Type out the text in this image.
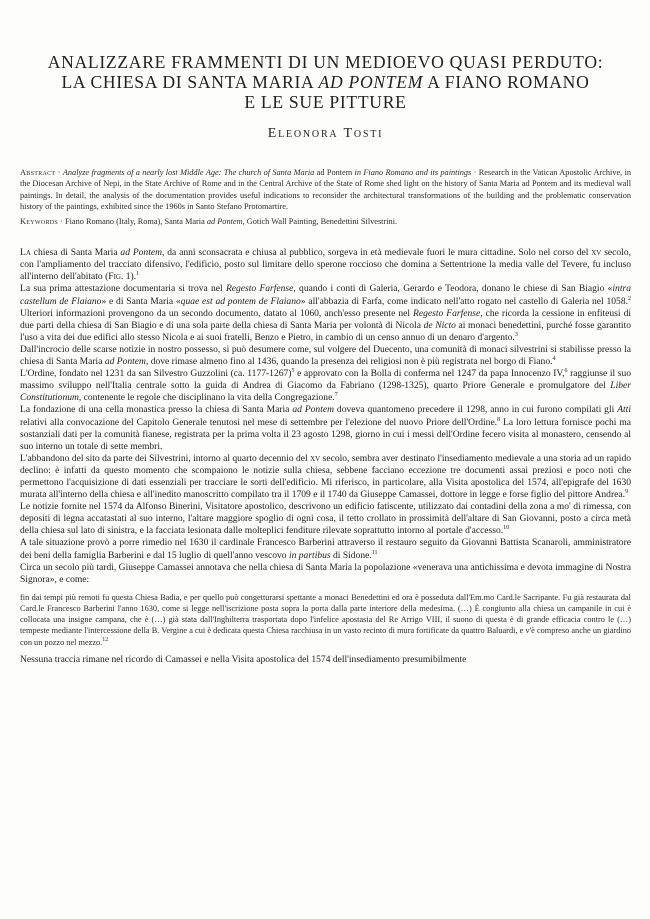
ANALIZZARE FRAMMENTI DI UN MEDIOEVO QUASI PERDUTO:
LA CHIESA DI SANTA MARIA AD PONTEM A FIANO ROMANO
E LE SUE PITTURE
Eleonora Tosti
Abstract · Analyze fragments of a nearly lost Middle Age: The church of Santa Maria ad Pontem in Fiano Romano and its paintings · Research in the Vatican Apostolic Archive, in the Diocesan Archive of Nepi, in the State Archive of Rome and in the Central Archive of the State of Rome shed light on the history of Santa Maria ad Pontem and its medieval wall paintings. In detail, the analysis of the documentation provides useful indications to reconsider the architectural transformations of the building and the problematic conservation history of the paintings, exhibited since the 1960s in Santo Stefano Protomartire.
Keywords · Fiano Romano (Italy, Roma), Santa Maria ad Pontem, Gotich Wall Painting, Benedettini Silvestrini.

La chiesa di Santa Maria ad Pontem, da anni sconsacrata e chiusa al pubblico, sorgeva in età medievale fuori le mura cittadine. Solo nel corso del xv secolo, con l'ampliamento del tracciato difensivo, l'edificio, posto sul limitare dello sperone roccioso che domina a Settentrione la media valle del Tevere, fu incluso all'interno dell'abitato (Fig. 1).$^1$

La sua prima attestazione documentaria si trova nel Regesto Farfense, quando i conti di Galeria, Gerardo e Teodora, donano le chiese di San Biagio «intra castellum de Flaiano» e di Santa Maria «quae est ad pontem de Flaiano» all'abbazia di Farfa, come indicato nell'atto rogato nel castello di Galeria nel 1058.$^2$ Ulteriori informazioni provengono da un secondo documento, datato al 1060, anch'esso presente nel Regesto Farfense, che ricorda la cessione in enfiteusi di due parti della chiesa di San Biagio e di una sola parte della chiesa di Santa Maria per volontà di Nicola de Nicto ai monaci benedettini, purché fosse garantito l'uso a vita dei due edifici allo stesso Nicola e ai suoi fratelli, Benzo e Pietro, in cambio di un censo annuo di un denaro d'argento.$^3$

Dall'incrocio delle scarse notizie in nostro possesso, si può desumere come, sul volgere del Duecento, una comunità di monaci silvestrini si stabilisse presso la chiesa di Santa Maria ad Pontem, dove rimase almeno fino al 1436, quando la presenza dei religiosi non è più registrata nel borgo di Fiano.$^4$

L'Ordine, fondato nel 1231 da san Silvestro Guzzolini (ca. 1177-1267)$^5$ e approvato con la Bolla di conferma nel 1247 da papa Innocenzo IV,$^6$ raggiunse il suo massimo sviluppo nell'Italia centrale sotto la guida di Andrea di Giacomo da Fabriano (1298-1325), quarto Priore Generale e promulgatore del Liber Constitutionum, contenente le regole che disciplinano la vita della Congregazione.$^7$

La fondazione di una cella monastica presso la chiesa di Santa Maria ad Pontem doveva quantomeno precedere il 1298, anno in cui furono compilati gli Atti relativi alla convocazione del Capitolo Generale tenutosi nel mese di settembre per l'elezione del nuovo Priore dell'Ordine.$^8$ La loro lettura fornisce pochi ma sostanziali dati per la comunità fianese, registrata per la prima volta il 23 agosto 1298, giorno in cui i messi dell'Ordine fecero visita al monastero, censendo al suo interno un totale di sette membri.

L'abbandono del sito da parte dei Silvestrini, intorno al quarto decennio del xv secolo, sembra aver destinato l'insediamento medievale a una storia ad un rapido declino: è infatti da questo momento che scompaiono le notizie sulla chiesa, sebbene facciano eccezione tre documenti assai preziosi e poco noti che permettono l'acquisizione di dati essenziali per tracciare le sorti dell'edificio. Mi riferisco, in particolare, alla Visita apostolica del 1574, all'epigrafe del 1630 murata all'interno della chiesa e all'inedito manoscritto compilato tra il 1709 e il 1740 da Giuseppe Camassei, dottore in legge e forse figlio del pittore Andrea.$^9$

Le notizie fornite nel 1574 da Alfonso Binerini, Visitatore apostolico, descrivono un edificio fatiscente, utilizzato dai contadini della zona a mo' di rimessa, con depositi di legna accatastati al suo interno, l'altare maggiore spoglio di ogni cosa, il tetto crollato in prossimità dell'altare di San Giovanni, posto a circa metà della chiesa sul lato di sinistra, e la facciata lesionata dalle molteplici fenditure rilevate soprattutto intorno al portale d'accesso.$^{10}$

A tale situazione provò a porre rimedio nel 1630 il cardinale Francesco Barberini attraverso il restauro seguito da Giovanni Battista Scanaroli, amministratore dei beni della famiglia Barberini e dal 15 luglio di quell'anno vescovo in partibus di Sidone.$^{11}$

Circa un secolo più tardi, Giuseppe Camassei annotava che nella chiesa di Santa Maria la popolazione «venerava una antichissima e devota immagine di Nostra Signora», e come:

fin dai tempi più remoti fu questa Chiesa Badia, e per quello può congetturarsi spettante a monaci Benedettini ed ora è posseduta dall'Em.mo Card.le Sacripante. Fu già restaurata dal Card.le Francesco Barberini l'anno 1630, come si legge nell'iscrizione posta sopra la porta dalla parte interiore della medesima. (…) È congiunto alla chiesa un campanile in cui è collocata una insigne campana, che è (…) già stata dall'Inghilterra trasportata dopo l'infelice apostasia del Re Arrigo VIII, il suono di questa è di grande efficacia contro le (…) tempeste mediante l'intercessione della B. Vergine a cui è dedicata questa Chiesa racchiusa in un vasto recinto di mura fortificate da quattro Baluardi, e v'è compreso anche un giardino con un pozzo nel mezzo.$^{12}$

Nessuna traccia rimane nel ricordo di Camassei e nella Visita apostolica del 1574 dell'insediamento presumibilmente
